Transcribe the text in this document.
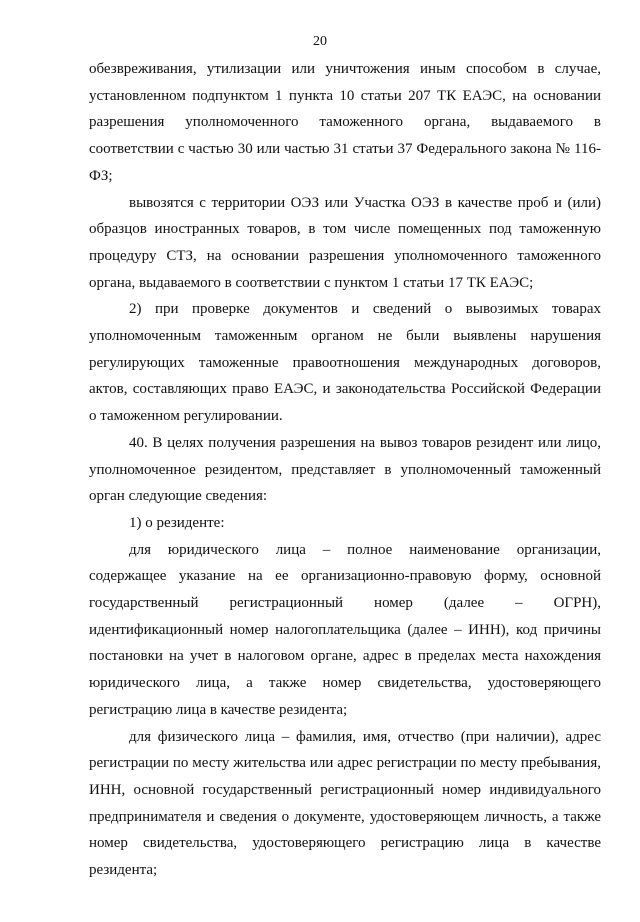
20

обезвреживания, утилизации или уничтожения иным способом в случае, установленном подпунктом 1 пункта 10 статьи 207 ТК ЕАЭС, на основании разрешения уполномоченного таможенного органа, выдаваемого в соответствии с частью 30 или частью 31 статьи 37 Федерального закона № 116-ФЗ;

вывозятся с территории ОЭЗ или Участка ОЭЗ в качестве проб и (или) образцов иностранных товаров, в том числе помещенных под таможенную процедуру СТЗ, на основании разрешения уполномоченного таможенного органа, выдаваемого в соответствии с пунктом 1 статьи 17 ТК ЕАЭС;

2) при проверке документов и сведений о вывозимых товарах уполномоченным таможенным органом не были выявлены нарушения регулирующих таможенные правоотношения международных договоров, актов, составляющих право ЕАЭС, и законодательства Российской Федерации о таможенном регулировании.

40. В целях получения разрешения на вывоз товаров резидент или лицо, уполномоченное резидентом, представляет в уполномоченный таможенный орган следующие сведения:

1) о резиденте:

для юридического лица – полное наименование организации, содержащее указание на ее организационно-правовую форму, основной государственный регистрационный номер (далее – ОГРН), идентификационный номер налогоплательщика (далее – ИНН), код причины постановки на учет в налоговом органе, адрес в пределах места нахождения юридического лица, а также номер свидетельства, удостоверяющего регистрацию лица в качестве резидента;

для физического лица – фамилия, имя, отчество (при наличии), адрес регистрации по месту жительства или адрес регистрации по месту пребывания, ИНН, основной государственный регистрационный номер индивидуального предпринимателя и сведения о документе, удостоверяющем личность, а также номер свидетельства, удостоверяющего регистрацию лица в качестве резидента;
